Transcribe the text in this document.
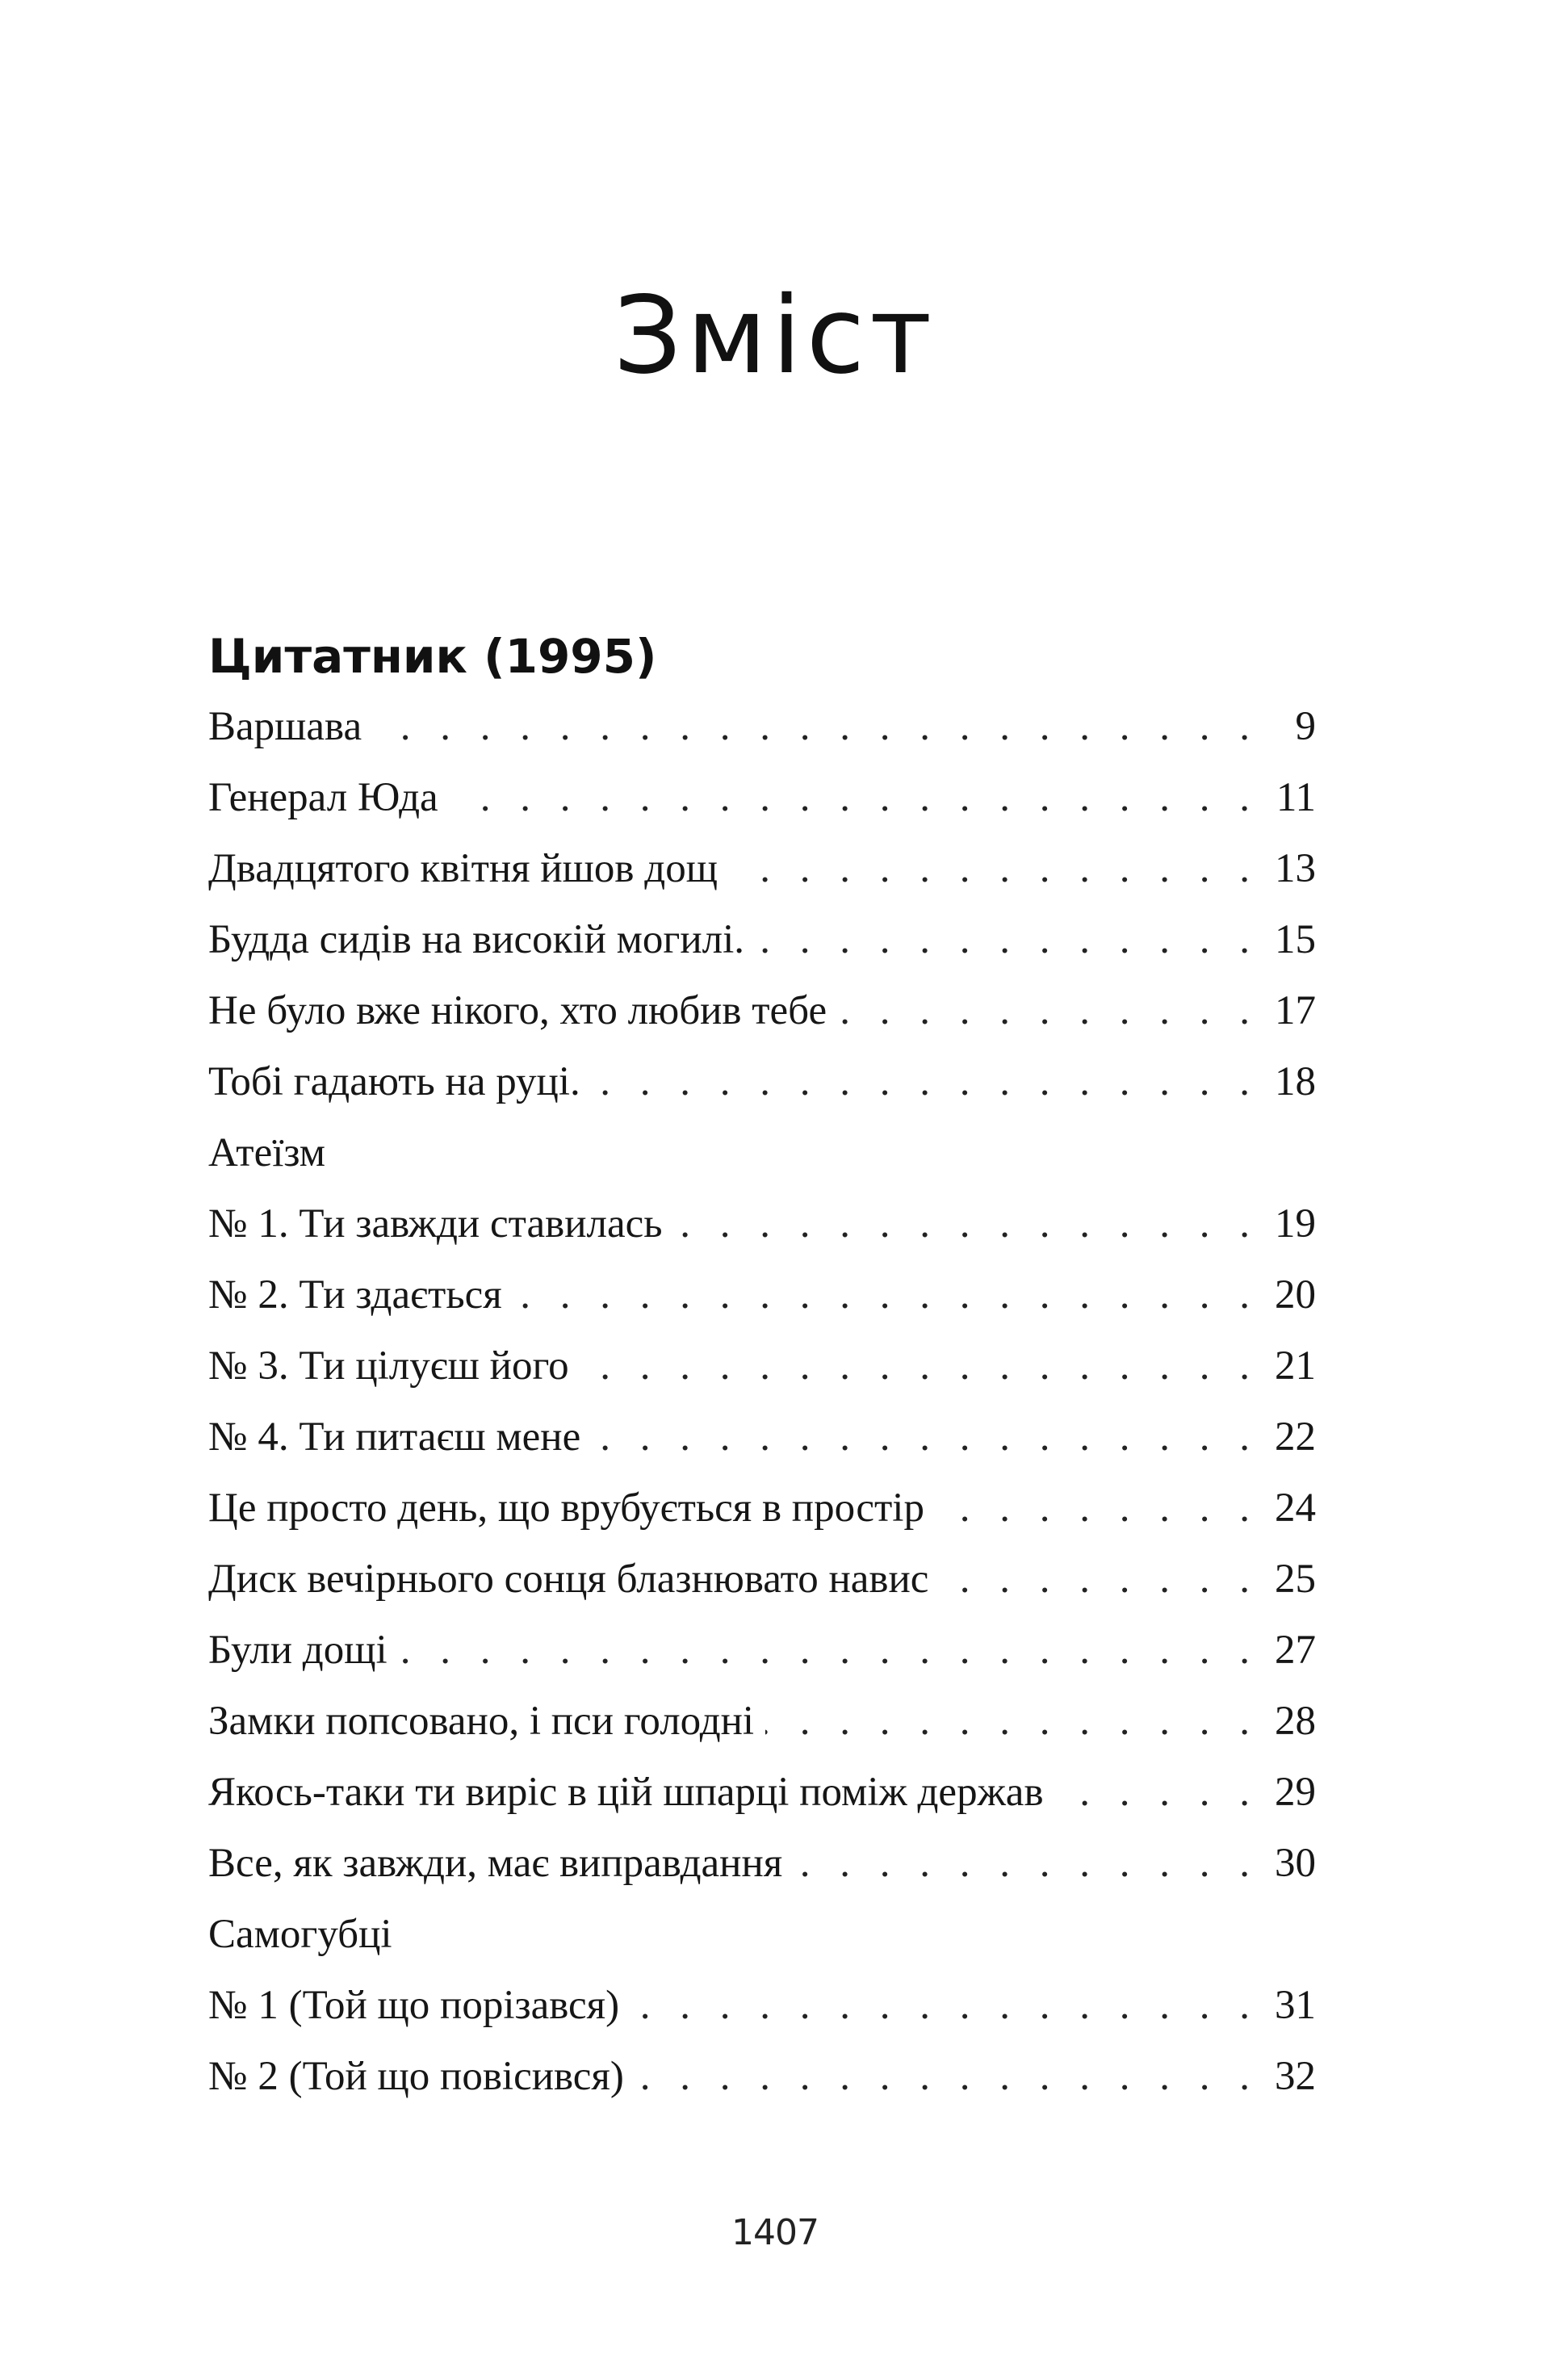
Зміст
Цитатник (1995)
Варшава . . .	9
Генерал Юда . . .	11
Двадцятого квітня йшов дощ . . .	13
Будда сидів на високій могилі. . . .	15
Не було вже нікого, хто любив тебе . . .	17
Тобі гадають на руці. . . .	18
Атеїзм
№ 1. Ти завжди ставилась . . .	19
№ 2. Ти здається . . .	20
№ 3. Ти цілуєш його . . .	21
№ 4. Ти питаєш мене . . .	22
Це просто день, що врубується в простір . . .	24
Диск вечірнього сонця блазнювато навис . . .	25
Були дощі . . .	27
Замки попсовано, і пси голодні . . .	28
Якось-таки ти виріс в цій шпарці поміж держав . . .	29
Все, як завжди, має виправдання . . .	30
Самогубці
№ 1 (Той що порізався) . . .	31
№ 2 (Той що повісився) . . .	32
1407
